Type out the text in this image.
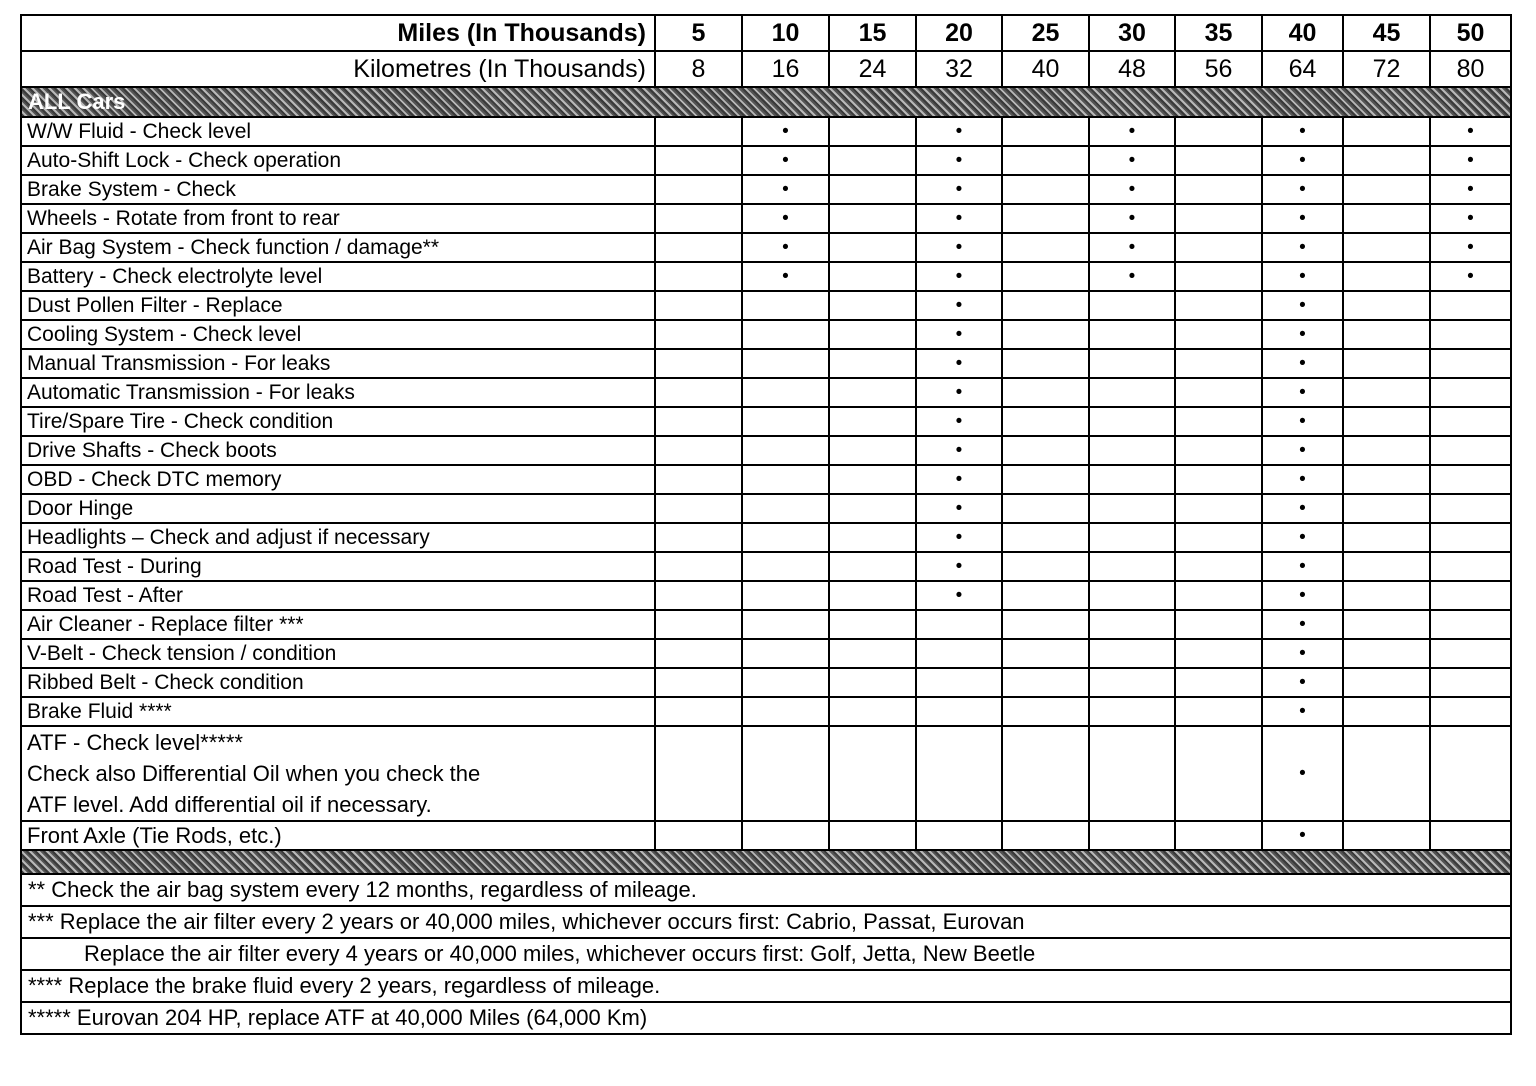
Miles (In Thousands)	5	10	15	20	25	30	35	40	45	50
Kilometres (In Thousands)	8	16	24	32	40	48	56	64	72	80
ALL Cars										
W/W Fluid - Check level		•		•		•		•		•
Auto-Shift Lock - Check operation		•		•		•		•		•
Brake System - Check		•		•		•		•		•
Wheels - Rotate from front to rear		•		•		•		•		•
Air Bag System - Check function / damage**		•		•		•		•		•
Battery - Check electrolyte level		•		•		•		•		•
Dust Pollen Filter - Replace				•				•		
Cooling System - Check level				•				•		
Manual Transmission - For leaks				•				•		
Automatic Transmission - For leaks				•				•		
Tire/Spare Tire - Check condition				•				•		
Drive Shafts - Check boots				•				•		
OBD - Check DTC memory				•				•		
Door Hinge				•				•		
Headlights – Check and adjust if necessary				•				•		
Road Test - During				•				•		
Road Test - After				•				•		
Air Cleaner - Replace filter ***								•		
V-Belt - Check tension / condition								•		
Ribbed Belt - Check condition								•		
Brake Fluid ****								•		

ATF - Check level*****
Check also Differential Oil when you check the
ATF level. Add differential oil if necessary.								•		
Front Axle (Tie Rods, etc.)								•		

** Check the air bag system every 12 months, regardless of mileage.										
*** Replace the air filter every 2 years or 40,000 miles, whichever occurs first: Cabrio, Passat, Eurovan										
Replace the air filter every 4 years or 40,000 miles, whichever occurs first: Golf, Jetta, New Beetle										
**** Replace the brake fluid every 2 years, regardless of mileage.										
***** Eurovan 204 HP, replace ATF at 40,000 Miles (64,000 Km)										
